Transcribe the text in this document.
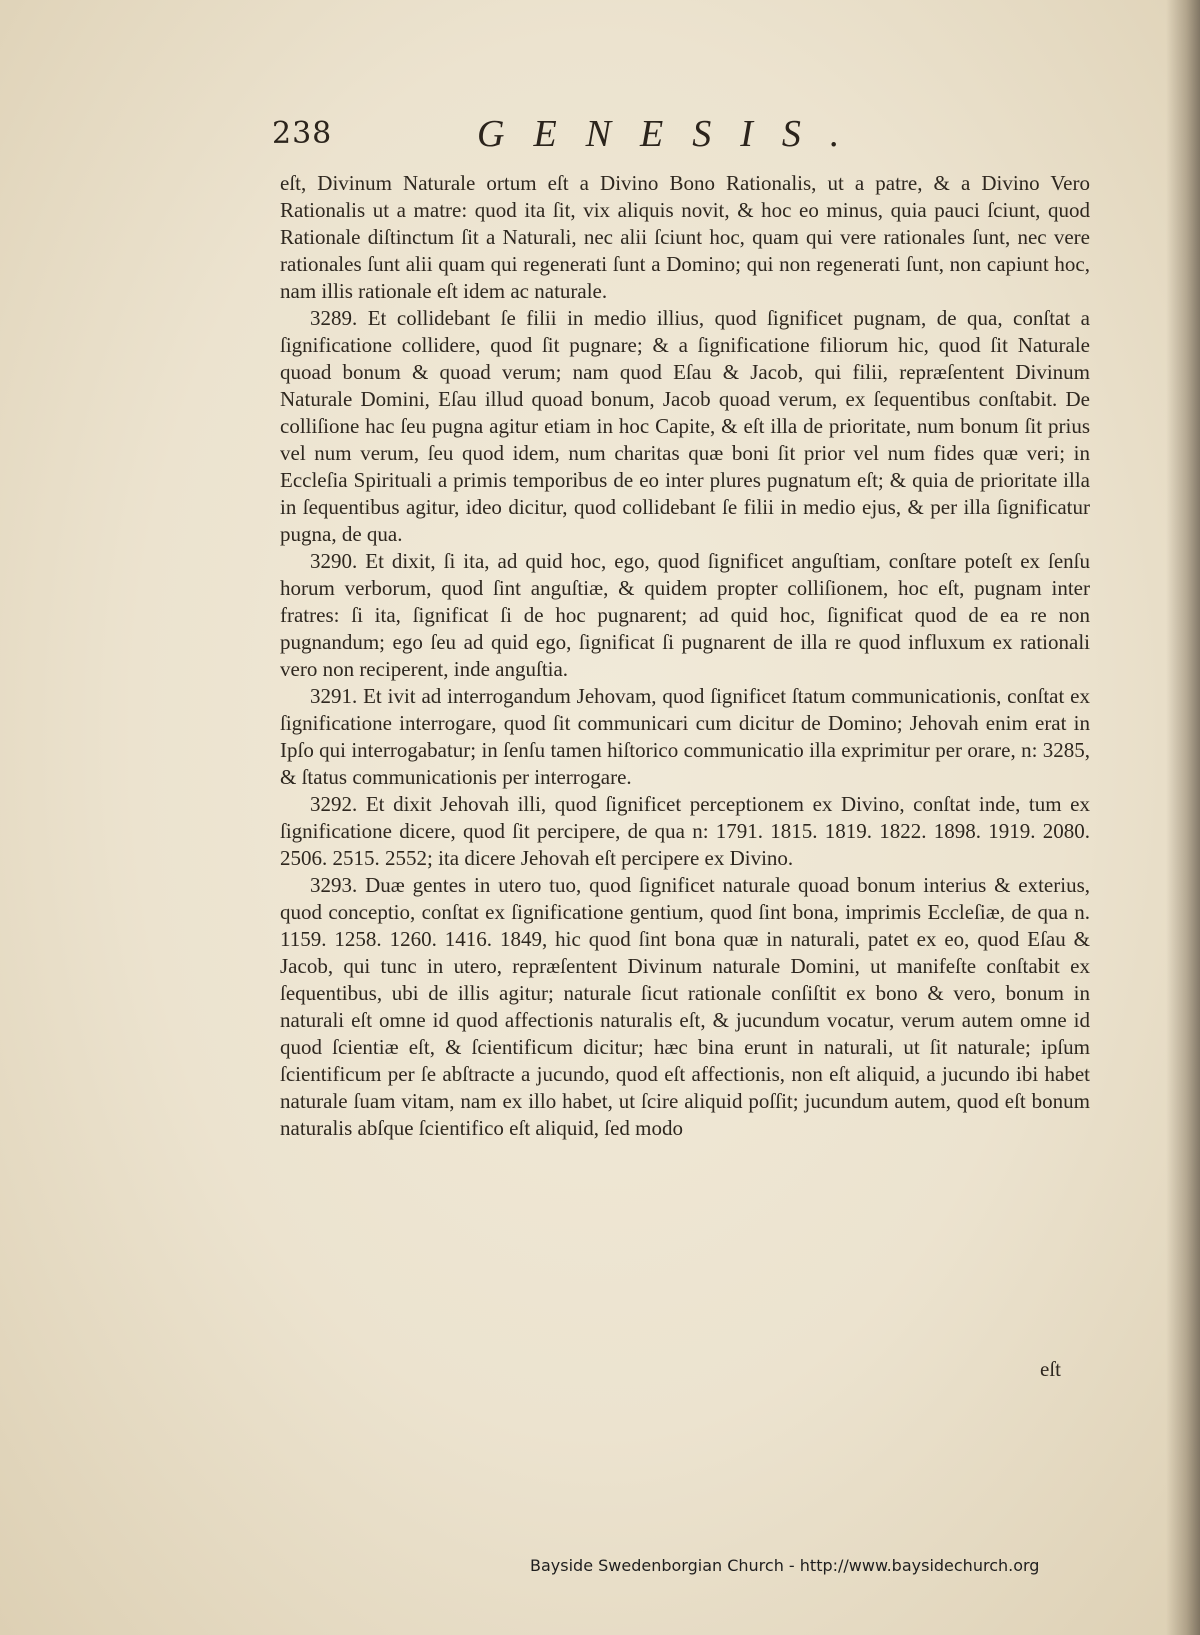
238	GENESIS.

eſt, Divinum Naturale ortum eſt a Divino Bono Rationalis, ut a patre, & a Divino Vero Rationalis ut a matre: quod ita ſit, vix aliquis novit, & hoc eo minus, quia pauci ſciunt, quod Rationale diſtinctum ſit a Naturali, nec alii ſciunt hoc, quam qui vere rationales ſunt, nec vere rationales ſunt alii quam qui regenerati ſunt a Domino; qui non regenerati ſunt, non capiunt hoc, nam illis rationale eſt idem ac naturale.

3289. Et collidebant ſe filii in medio illius, quod ſignificet pugnam, de qua, conſtat a ſignificatione collidere, quod ſit pugnare; & a ſignificatione filiorum hic, quod ſit Naturale quoad bonum & quoad verum; nam quod Eſau & Jacob, qui filii, repræſentent Divinum Naturale Domini, Eſau illud quoad bonum, Jacob quoad verum, ex ſequentibus conſtabit. De colliſione hac ſeu pugna agitur etiam in hoc Capite, & eſt illa de prioritate, num bonum ſit prius vel num verum, ſeu quod idem, num charitas quæ boni ſit prior vel num fides quæ veri; in Eccleſia Spirituali a primis temporibus de eo inter plures pugnatum eſt; & quia de prioritate illa in ſequentibus agitur, ideo dicitur, quod collidebant ſe filii in medio ejus, & per illa ſignificatur pugna, de qua.

3290. Et dixit, ſi ita, ad quid hoc, ego, quod ſignificet anguſtiam, conſtare poteſt ex ſenſu horum verborum, quod ſint anguſtiæ, & quidem propter colliſionem, hoc eſt, pugnam inter fratres: ſi ita, ſignificat ſi de hoc pugnarent; ad quid hoc, ſignificat quod de ea re non pugnandum; ego ſeu ad quid ego, ſignificat ſi pugnarent de illa re quod influxum ex rationali vero non reciperent, inde anguſtia.

3291. Et ivit ad interrogandum Jehovam, quod ſignificet ſtatum communicationis, conſtat ex ſignificatione interrogare, quod ſit communicari cum dicitur de Domino; Jehovah enim erat in Ipſo qui interrogabatur; in ſenſu tamen hiſtorico communicatio illa exprimitur per orare, n: 3285, & ſtatus communicationis per interrogare.

3292. Et dixit Jehovah illi, quod ſignificet perceptionem ex Divino, conſtat inde, tum ex ſignificatione dicere, quod ſit percipere, de qua n: 1791. 1815. 1819. 1822. 1898. 1919. 2080. 2506. 2515. 2552; ita dicere Jehovah eſt percipere ex Divino.

3293. Duæ gentes in utero tuo, quod ſignificet naturale quoad bonum interius & exterius, quod conceptio, conſtat ex ſignificatione gentium, quod ſint bona, imprimis Eccleſiæ, de qua n. 1159. 1258. 1260. 1416. 1849, hic quod ſint bona quæ in naturali, patet ex eo, quod Eſau & Jacob, qui tunc in utero, repræſentent Divinum naturale Domini, ut manifeſte conſtabit ex ſequentibus, ubi de illis agitur; naturale ſicut rationale conſiſtit ex bono & vero, bonum in naturali eſt omne id quod affectionis naturalis eſt, & jucundum vocatur, verum autem omne id quod ſcientiæ eſt, & ſcientificum dicitur; hæc bina erunt in naturali, ut ſit naturale; ipſum ſcientificum per ſe abſtracte a jucundo, quod eſt affectionis, non eſt aliquid, a jucundo ibi habet naturale ſuam vitam, nam ex illo habet, ut ſcire aliquid poſſit; jucundum autem, quod eſt bonum naturalis abſque ſcientifico eſt aliquid, ſed modo

eſt
Bayside Swedenborgian Church - http://www.baysidechurch.org
